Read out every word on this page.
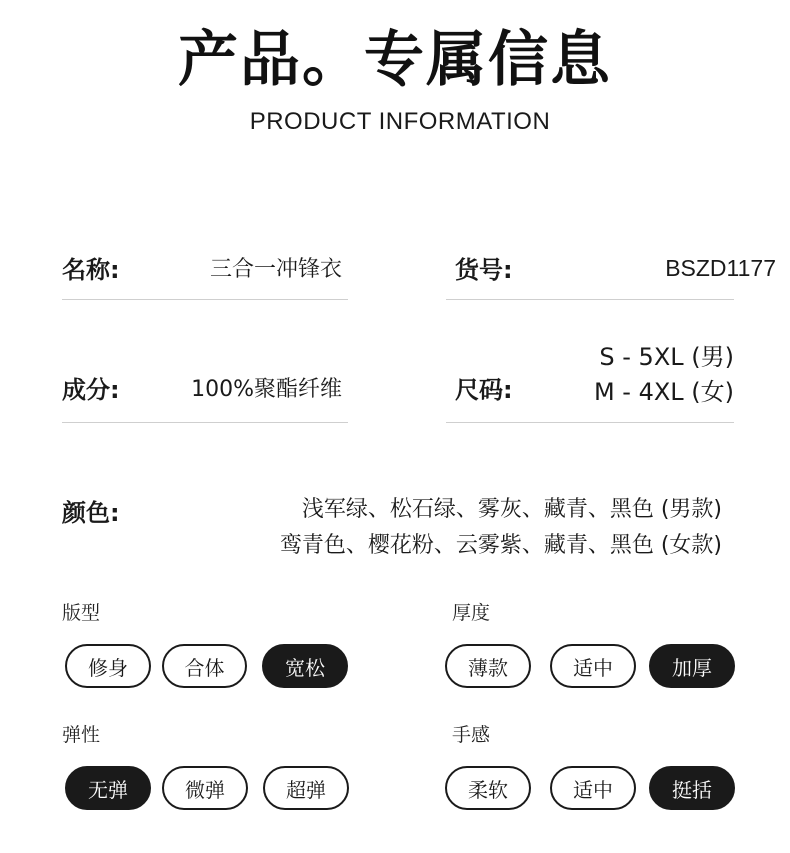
产品。专属信息
PRODUCT INFORMATION
名称:	三合一冲锋衣	货号:	BSZD1177
成分:	100%聚酯纤维	尺码:
S - 5XL (男)
M - 4XL (女)
颜色:	浅军绿、松石绿、雾灰、藏青、黑色 (男款)
鸾青色、樱花粉、云雾紫、藏青、黑色 (女款)
版型
修身	合体	宽松
厚度
薄款	适中	加厚
弹性
无弹	微弹	超弹
手感
柔软	适中	挺括
